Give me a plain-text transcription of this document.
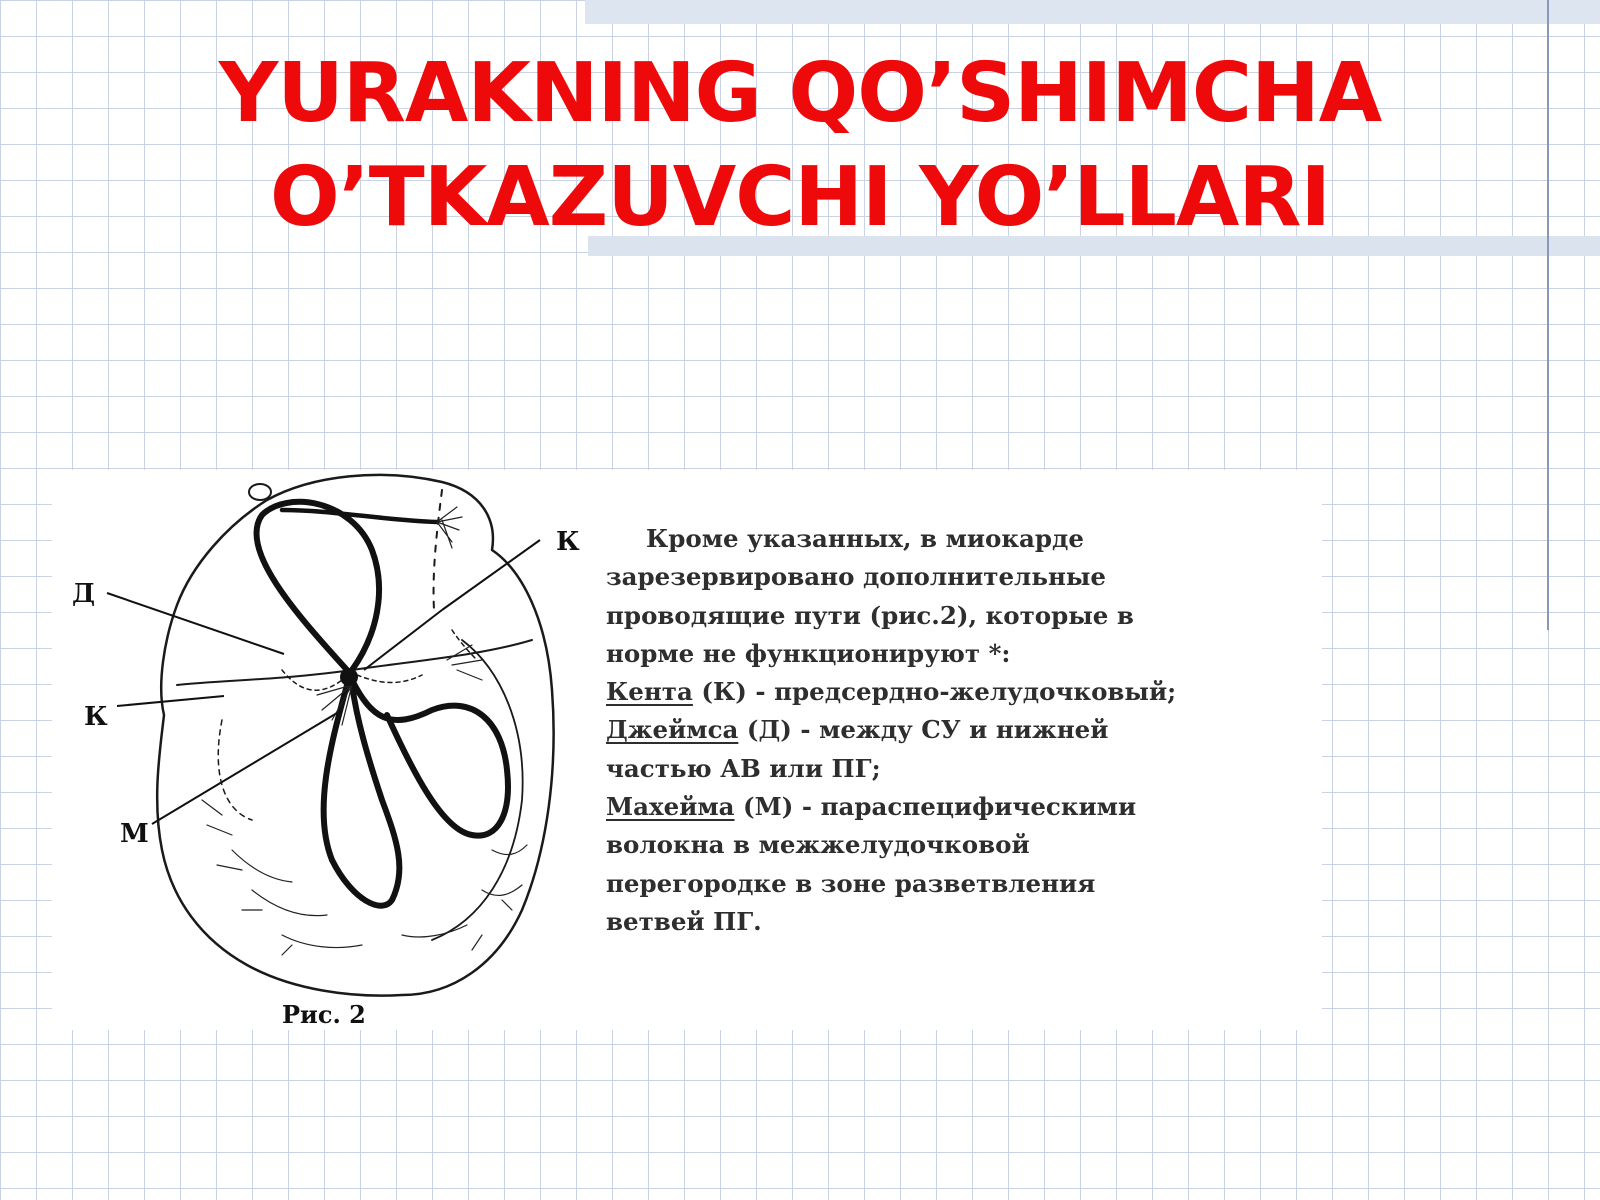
YURAKNING QO’SHIMCHA
O’TKAZUVCHI YO’LLARI
К
Д
К
М
Рис. 2
Кроме указанных, в миокарде
зарезервировано дополнительные
проводящие пути (рис.2), которые в
норме не функционируют *:
Кента (К) - предсердно-желудочковый;
Джеймса (Д) - между СУ и нижней
частью АВ или ПГ;
Махейма (М) - параспецифическими
волокна в межжелудочковой
перегородке в зоне разветвления
ветвей ПГ.
